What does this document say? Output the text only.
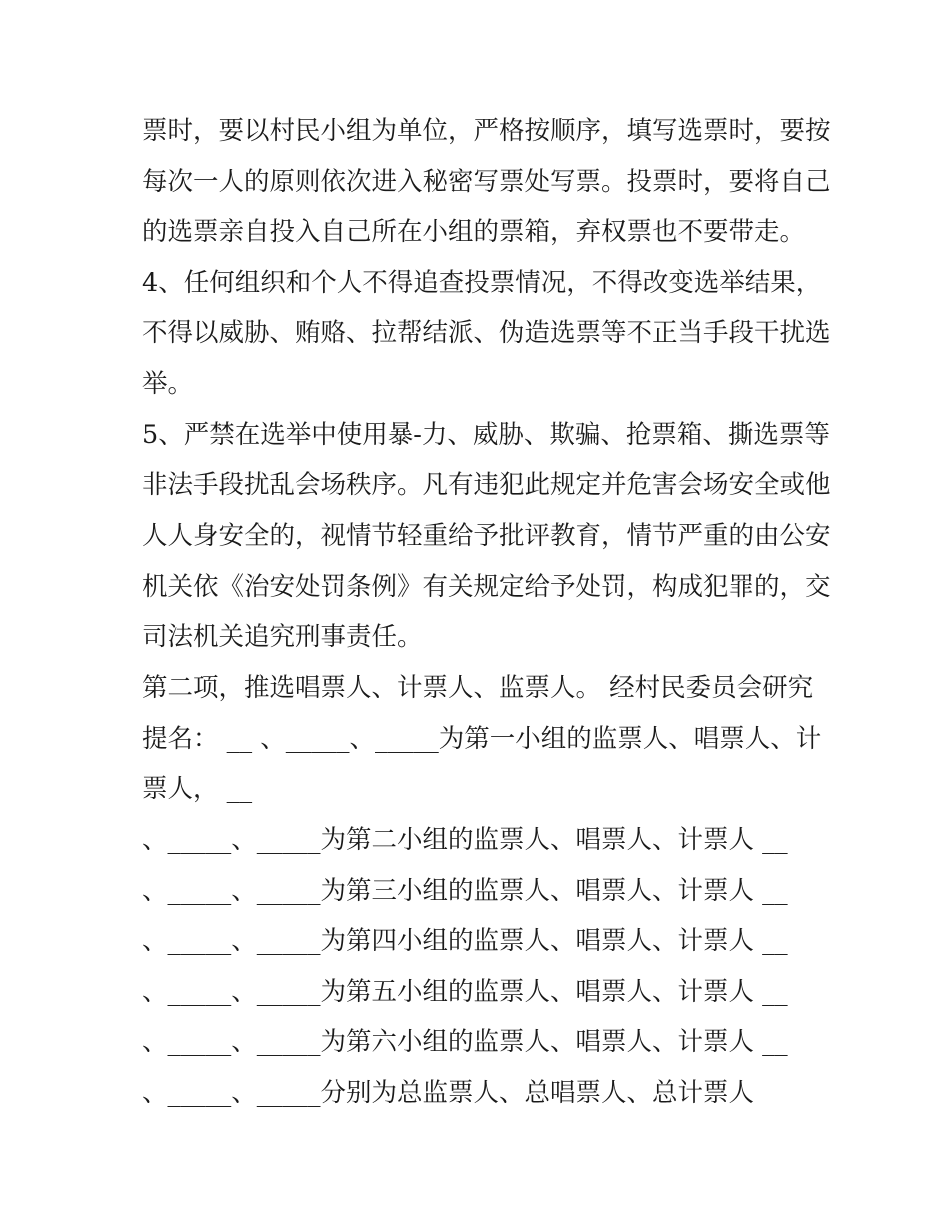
票时，要以村民小组为单位，严格按顺序，填写选票时，要按
每次一人的原则依次进入秘密写票处写票。投票时，要将自己
的选票亲自投入自己所在小组的票箱，弃权票也不要带走。
4、任何组织和个人不得追查投票情况，不得改变选举结果，
不得以威胁、贿赂、拉帮结派、伪造选票等不正当手段干扰选
举。
5、严禁在选举中使用暴-力、威胁、欺骗、抢票箱、撕选票等
非法手段扰乱会场秩序。凡有违犯此规定并危害会场安全或他
人人身安全的，视情节轻重给予批评教育，情节严重的由公安
机关依《治安处罚条例》有关规定给予处罚，构成犯罪的，交
司法机关追究刑事责任。
第二项，推选唱票人、计票人、监票人。 经村民委员会研究
提名： __ 、_____、_____为第一小组的监票人、唱票人、计
票人， __
、_____、_____为第二小组的监票人、唱票人、计票人 __
、_____、_____为第三小组的监票人、唱票人、计票人 __
、_____、_____为第四小组的监票人、唱票人、计票人 __
、_____、_____为第五小组的监票人、唱票人、计票人 __
、_____、_____为第六小组的监票人、唱票人、计票人 __
、_____、_____分别为总监票人、总唱票人、总计票人
